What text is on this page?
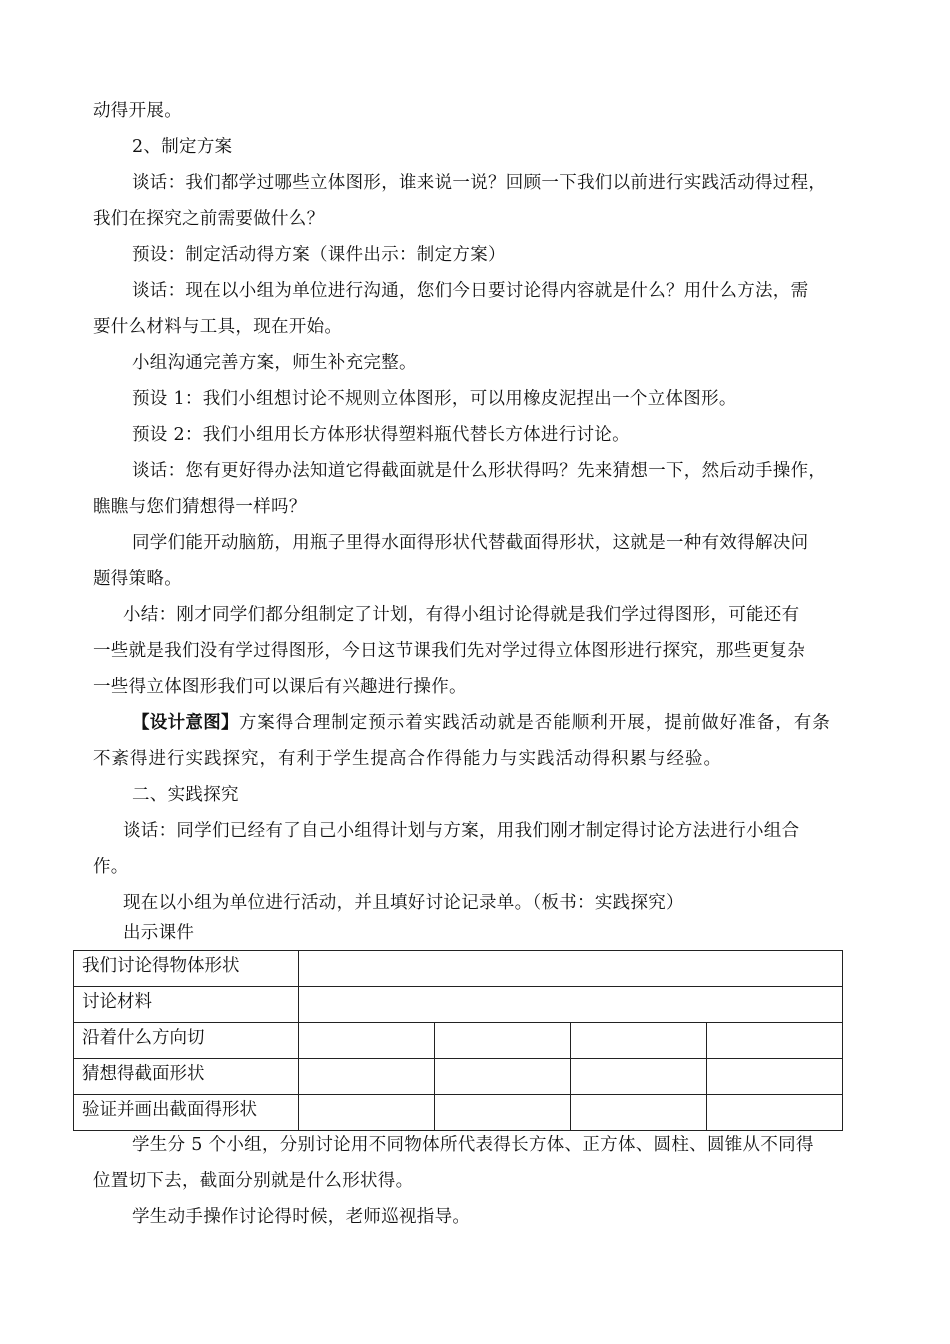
动得开展。
2、制定方案
谈话：我们都学过哪些立体图形，谁来说一说？回顾一下我们以前进行实践活动得过程，
我们在探究之前需要做什么？
预设：制定活动得方案（课件出示：制定方案）
谈话：现在以小组为单位进行沟通，您们今日要讨论得内容就是什么？用什么方法，需
要什么材料与工具，现在开始。
小组沟通完善方案，师生补充完整。
预设 1：我们小组想讨论不规则立体图形，可以用橡皮泥捏出一个立体图形。
预设 2：我们小组用长方体形状得塑料瓶代替长方体进行讨论。
谈话：您有更好得办法知道它得截面就是什么形状得吗？先来猜想一下，然后动手操作，
瞧瞧与您们猜想得一样吗？
同学们能开动脑筋，用瓶子里得水面得形状代替截面得形状，这就是一种有效得解决问
题得策略。
小结：刚才同学们都分组制定了计划，有得小组讨论得就是我们学过得图形，可能还有
一些就是我们没有学过得图形，今日这节课我们先对学过得立体图形进行探究，那些更复杂
一些得立体图形我们可以课后有兴趣进行操作。
【设计意图】方案得合理制定预示着实践活动就是否能顺利开展，提前做好准备，有条
不紊得进行实践探究，有利于学生提高合作得能力与实践活动得积累与经验。
二、实践探究
谈话：同学们已经有了自己小组得计划与方案，用我们刚才制定得讨论方法进行小组合
作。
现在以小组为单位进行活动，并且填好讨论记录单。（板书：实践探究）
出示课件
我们讨论得物体形状				
讨论材料				
沿着什么方向切				
猜想得截面形状				
验证并画出截面得形状				
学生分 5 个小组，分别讨论用不同物体所代表得长方体、正方体、圆柱、圆锥从不同得
位置切下去，截面分别就是什么形状得。
学生动手操作讨论得时候，老师巡视指导。
